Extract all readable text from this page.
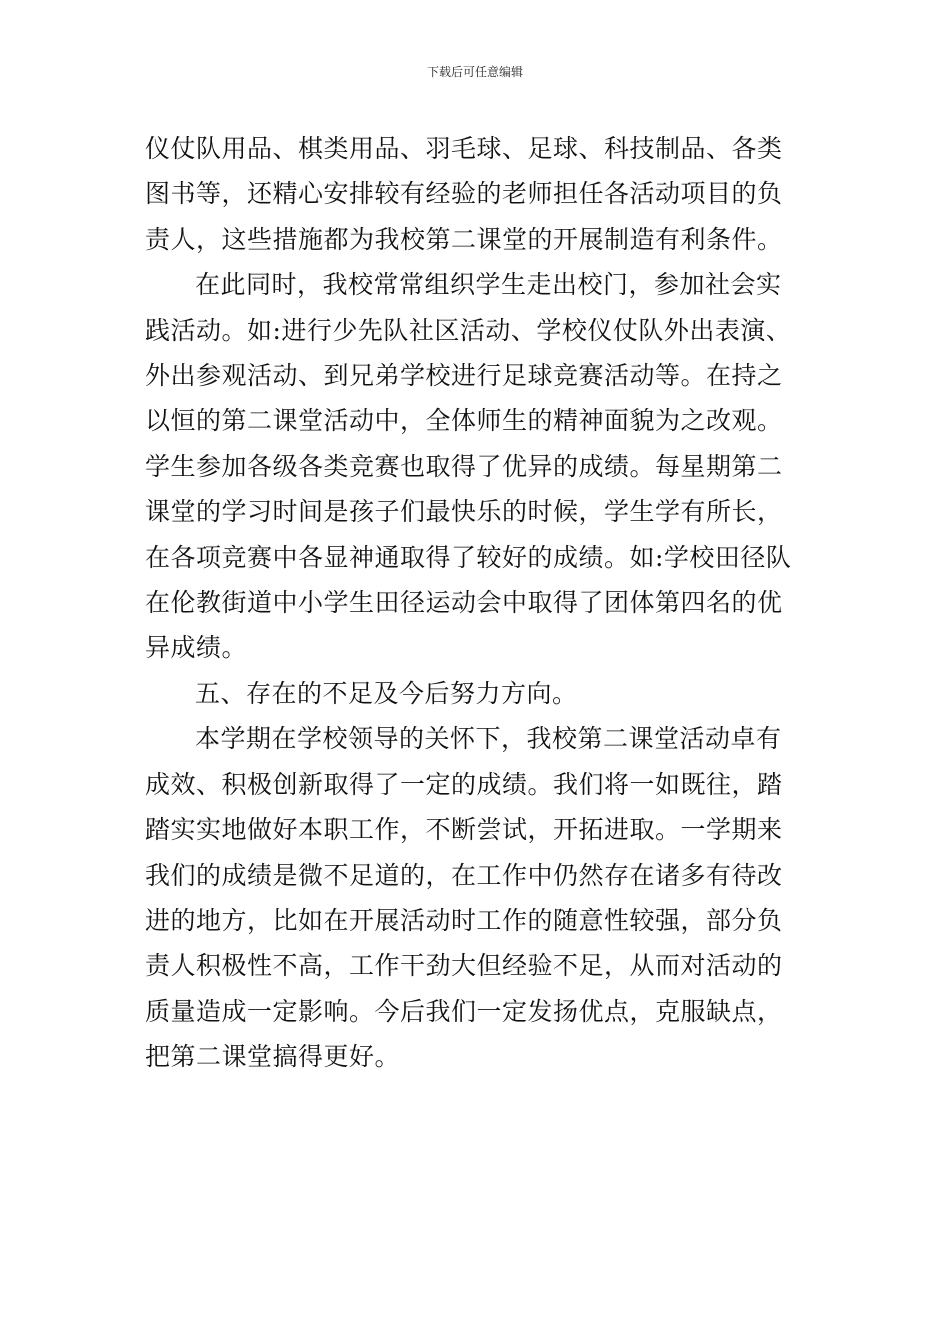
下载后可任意编辑

仪仗队用品、棋类用品、羽毛球、足球、科技制品、各类
图书等，还精心安排较有经验的老师担任各活动项目的负
责人，这些措施都为我校第二课堂的开展制造有利条件。

在此同时，我校常常组织学生走出校门，参加社会实
践活动。如:进行少先队社区活动、学校仪仗队外出表演、
外出参观活动、到兄弟学校进行足球竞赛活动等。在持之
以恒的第二课堂活动中，全体师生的精神面貌为之改观。
学生参加各级各类竞赛也取得了优异的成绩。每星期第二
课堂的学习时间是孩子们最快乐的时候，学生学有所长，
在各项竞赛中各显神通取得了较好的成绩。如:学校田径队
在伦教街道中小学生田径运动会中取得了团体第四名的优
异成绩。

五、存在的不足及今后努力方向。

本学期在学校领导的关怀下，我校第二课堂活动卓有
成效、积极创新取得了一定的成绩。我们将一如既往，踏
踏实实地做好本职工作，不断尝试，开拓进取。一学期来
我们的成绩是微不足道的，在工作中仍然存在诸多有待改
进的地方，比如在开展活动时工作的随意性较强，部分负
责人积极性不高，工作干劲大但经验不足，从而对活动的
质量造成一定影响。今后我们一定发扬优点，克服缺点，
把第二课堂搞得更好。
